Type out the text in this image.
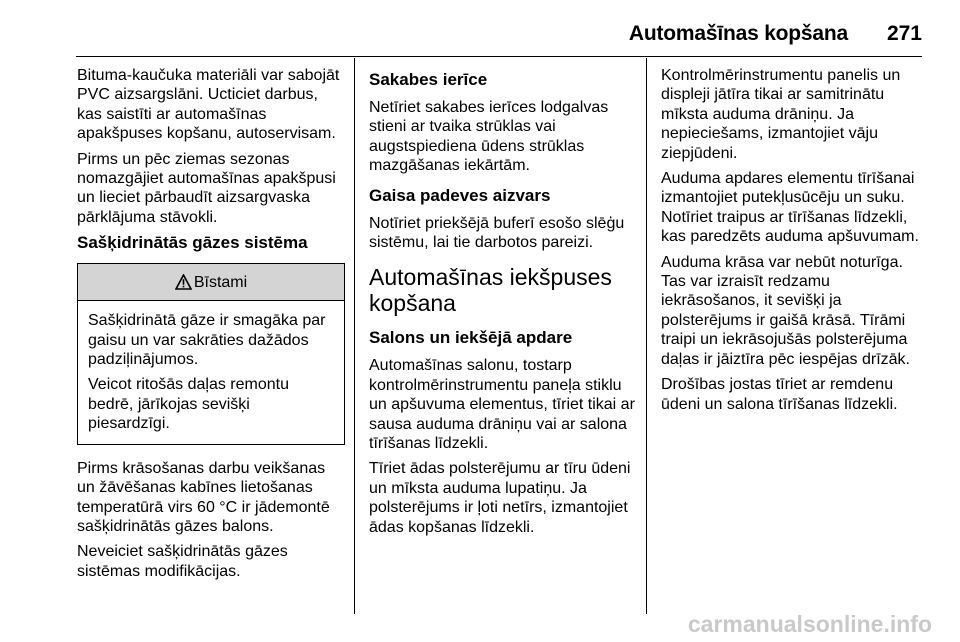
Automašīnas kopšana 271

Bituma-kaučuka materiāli var sabojāt PVC aizsargslāni. Ucticiet darbus, kas saistīti ar automašīnas apakšpuses kopšanu, autoservisam.

Pirms un pēc ziemas sezonas nomazgājiet automašīnas apakšpusi un lieciet pārbaudīt aizsargvaska pārklājuma stāvokli.

Sašķidrinātās gāzes sistēma
Bīstami

Sašķidrinātā gāze ir smagāka par gaisu un var sakrāties dažādos padziļinājumos.

Veicot ritošās daļas remontu bedrē, jārīkojas sevišķi piesardzīgi.

Pirms krāsošanas darbu veikšanas un žāvēšanas kabīnes lietošanas temperatūrā virs 60 °C ir jādemontē sašķidrinātās gāzes balons.

Neveiciet sašķidrinātās gāzes sistēmas modifikācijas.

Sakabes ierīce

Netīriet sakabes ierīces lodgalvas stieni ar tvaika strūklas vai augstspiediena ūdens strūklas mazgāšanas iekārtām.

Gaisa padeves aizvars

Notīriet priekšējā buferī esošo slēģu sistēmu, lai tie darbotos pareizi.

Automašīnas iekšpuses kopšana
Salons un iekšējā apdare

Automašīnas salonu, tostarp kontrolmērinstrumentu paneļa stiklu un apšuvuma elementus, tīriet tikai ar sausa auduma drāniņu vai ar salona tīrīšanas līdzekli.

Tīriet ādas polsterējumu ar tīru ūdeni un mīksta auduma lupatiņu. Ja polsterējums ir ļoti netīrs, izmantojiet ādas kopšanas līdzekli.

Kontrolmērinstrumentu panelis un displeji jātīra tikai ar samitrinātu mīksta auduma drāniņu. Ja nepieciešams, izmantojiet vāju ziepjūdeni.

Auduma apdares elementu tīrīšanai izmantojiet putekļusūcēju un suku. Notīriet traipus ar tīrīšanas līdzekli, kas paredzēts auduma apšuvumam.

Auduma krāsa var nebūt noturīga. Tas var izraisīt redzamu iekrāsošanos, it sevišķi ja polsterējums ir gaišā krāsā. Tīrāmi traipi un iekrāsojušās polsterējuma daļas ir jāiztīra pēc iespējas drīzāk.

Drošības jostas tīriet ar remdenu ūdeni un salona tīrīšanas līdzekli.

carmanualsonline.info
